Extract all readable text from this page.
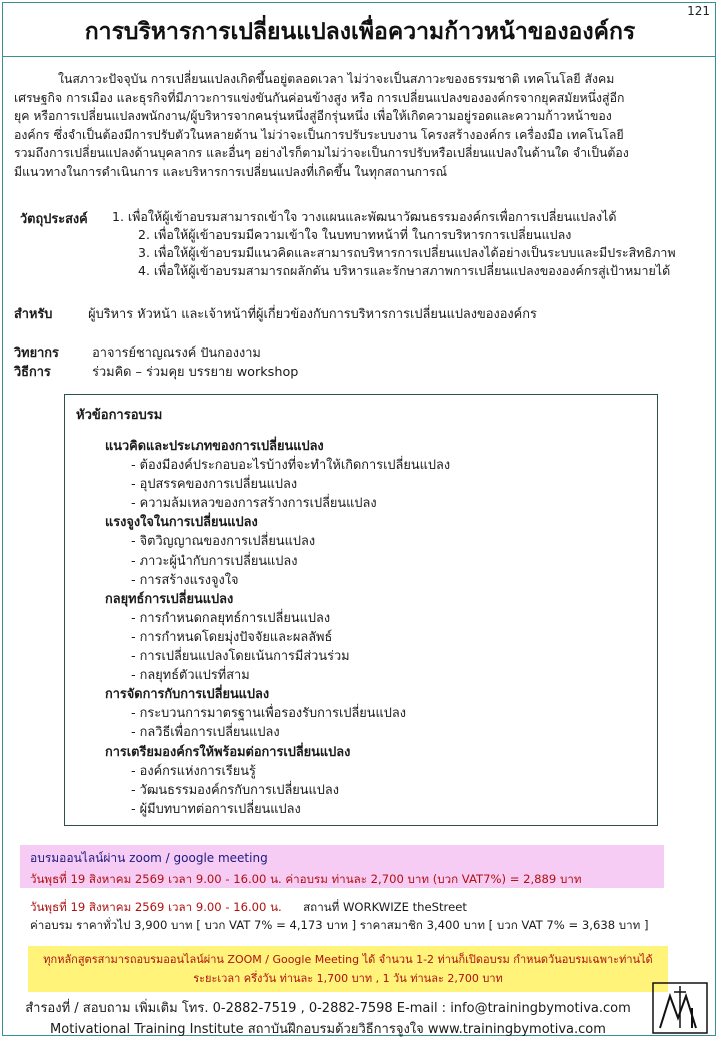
121
การบริหารการเปลี่ยนแปลงเพื่อความก้าวหน้าขององค์กร
ในสภาวะปัจจุบัน การเปลี่ยนแปลงเกิดขึ้นอยู่ตลอดเวลา ไม่ว่าจะเป็นสภาวะของธรรมชาติ เทคโนโลยี สังคม
เศรษฐกิจ การเมือง และธุรกิจที่มีภาวะการแข่งขันกันค่อนข้างสูง หรือ การเปลี่ยนแปลงขององค์กรจากยุคสมัยหนึ่งสู่อีก
ยุค หรือการเปลี่ยนแปลงพนักงาน/ผู้บริหารจากคนรุ่นหนึ่งสู่อีกรุ่นหนึ่ง เพื่อให้เกิดความอยู่รอดและความก้าวหน้าของ
องค์กร ซึ่งจำเป็นต้องมีการปรับตัวในหลายด้าน ไม่ว่าจะเป็นการปรับระบบงาน โครงสร้างองค์กร เครื่องมือ เทคโนโลยี
รวมถึงการเปลี่ยนแปลงด้านบุคลากร และอื่นๆ อย่างไรก็ตามไม่ว่าจะเป็นการปรับหรือเปลี่ยนแปลงในด้านใด จำเป็นต้อง
มีแนวทางในการดำเนินการ และบริหารการเปลี่ยนแปลงที่เกิดขึ้น ในทุกสถานการณ์
วัตถุประสงค์ 1. เพื่อให้ผู้เข้าอบรมสามารถเข้าใจ วางแผนและพัฒนาวัฒนธรรมองค์กรเพื่อการเปลี่ยนแปลงได้
2. เพื่อให้ผู้เข้าอบรมมีความเข้าใจ ในบทบาทหน้าที่ ในการบริหารการเปลี่ยนแปลง
3. เพื่อให้ผู้เข้าอบรมมีแนวคิดและสามารถบริหารการเปลี่ยนแปลงได้อย่างเป็นระบบและมีประสิทธิภาพ
4. เพื่อให้ผู้เข้าอบรมสามารถผลักดัน บริหารและรักษาสภาพการเปลี่ยนแปลงขององค์กรสู่เป้าหมายได้
สำหรับ	ผู้บริหาร หัวหน้า และเจ้าหน้าที่ผู้เกี่ยวข้องกับการบริหารการเปลี่ยนแปลงขององค์กร
วิทยากร	อาจารย์ชาญณรงค์ ปันกองงาม
วิธีการ	ร่วมคิด – ร่วมคุย บรรยาย workshop
หัวข้อการอบรม
แนวคิดและประเภทของการเปลี่ยนแปลง
- ต้องมีองค์ประกอบอะไรบ้างที่จะทำให้เกิดการเปลี่ยนแปลง
- อุปสรรคของการเปลี่ยนแปลง
- ความล้มเหลวของการสร้างการเปลี่ยนแปลง
แรงจูงใจในการเปลี่ยนแปลง
- จิตวิญญาณของการเปลี่ยนแปลง
- ภาวะผู้นำกับการเปลี่ยนแปลง
- การสร้างแรงจูงใจ
กลยุทธ์การเปลี่ยนแปลง
- การกำหนดกลยุทธ์การเปลี่ยนแปลง
- การกำหนดโดยมุ่งปัจจัยและผลลัพธ์
- การเปลี่ยนแปลงโดยเน้นการมีส่วนร่วม
- กลยุทธ์ตัวแปรที่สาม
การจัดการกับการเปลี่ยนแปลง
- กระบวนการมาตรฐานเพื่อรองรับการเปลี่ยนแปลง
- กลวิธีเพื่อการเปลี่ยนแปลง
การเตรียมองค์กรให้พร้อมต่อการเปลี่ยนแปลง
- องค์กรแห่งการเรียนรู้
- วัฒนธรรมองค์กรกับการเปลี่ยนแปลง
- ผู้มีบทบาทต่อการเปลี่ยนแปลง
อบรมออนไลน์ผ่าน zoom / google meeting
วันพุธที่ 19 สิงหาคม 2569 เวลา 9.00 - 16.00 น. ค่าอบรม ท่านละ 2,700 บาท (บวก VAT7%) = 2,889 บาท
วันพุธที่ 19 สิงหาคม 2569 เวลา 9.00 - 16.00 น. สถานที่ WORKWIZE theStreet
ค่าอบรม ราคาทั่วไป 3,900 บาท [ บวก VAT 7% = 4,173 บาท ] ราคาสมาชิก 3,400 บาท [ บวก VAT 7% = 3,638 บาท ]
ทุกหลักสูตรสามารถอบรมออนไลน์ผ่าน ZOOM / Google Meeting ได้ จำนวน 1-2 ท่านก็เปิดอบรม กำหนดวันอบรมเฉพาะท่านได้
ระยะเวลา ครึ่งวัน ท่านละ 1,700 บาท , 1 วัน ท่านละ 2,700 บาท
สำรองที่ / สอบถาม เพิ่มเติม โทร. 0-2882-7519 , 0-2882-7598 E-mail : info@trainingbymotiva.com
Motivational Training Institute สถาบันฝึกอบรมด้วยวิธีการจูงใจ www.trainingbymotiva.com
